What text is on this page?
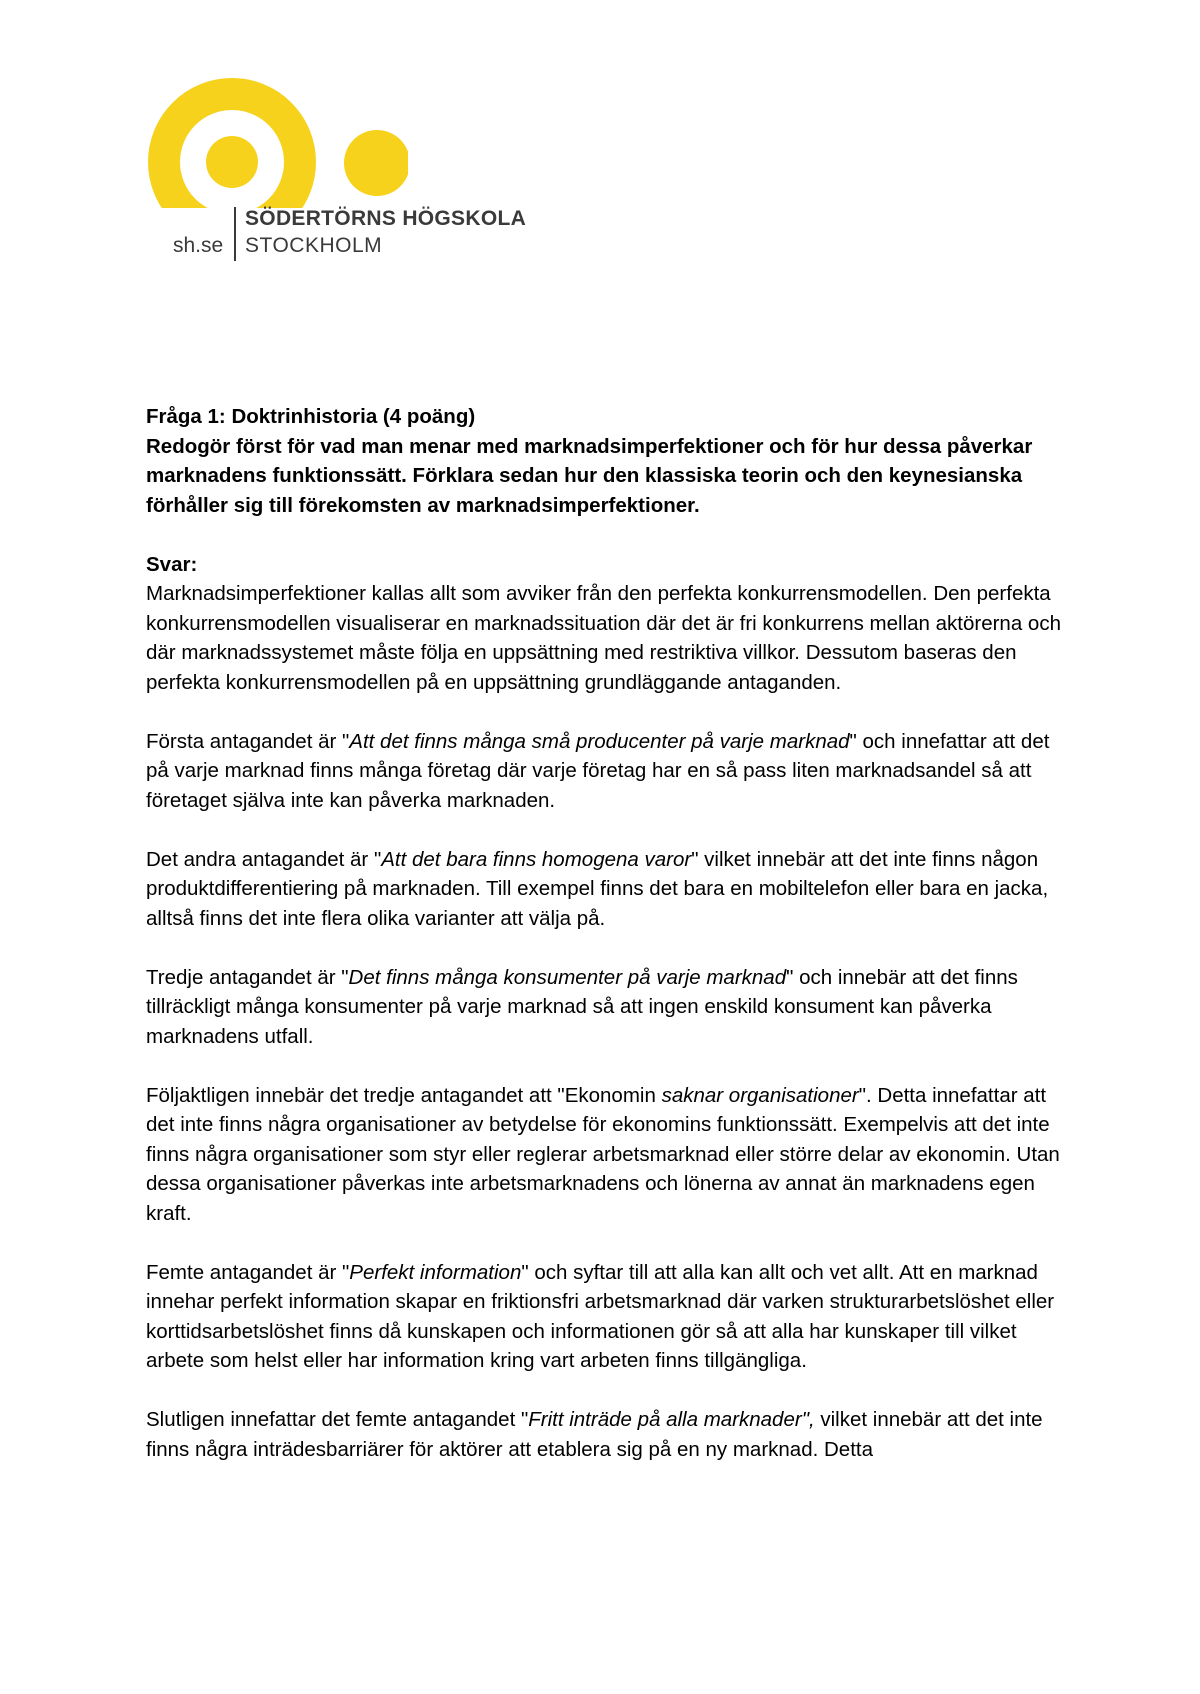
SÖDERTÖRNS HÖGSKOLA
sh.se STOCKHOLM
Fråga 1: Doktrinhistoria (4 poäng)

Redogör först för vad man menar med marknadsimperfektioner och för hur dessa påverkar marknadens funktionssätt. Förklara sedan hur den klassiska teorin och den keynesianska förhåller sig till förekomsten av marknadsimperfektioner.

Svar:

Marknadsimperfektioner kallas allt som avviker från den perfekta konkurrensmodellen. Den perfekta konkurrensmodellen visualiserar en marknadssituation där det är fri konkurrens mellan aktörerna och där marknadssystemet måste följa en uppsättning med restriktiva villkor. Dessutom baseras den perfekta konkurrensmodellen på en uppsättning grundläggande antaganden.

Första antagandet är "Att det finns många små producenter på varje marknad" och innefattar att det på varje marknad finns många företag där varje företag har en så pass liten marknadsandel så att företaget själva inte kan påverka marknaden.

Det andra antagandet är "Att det bara finns homogena varor" vilket innebär att det inte finns någon produktdifferentiering på marknaden. Till exempel finns det bara en mobiltelefon eller bara en jacka, alltså finns det inte flera olika varianter att välja på.

Tredje antagandet är "Det finns många konsumenter på varje marknad" och innebär att det finns tillräckligt många konsumenter på varje marknad så att ingen enskild konsument kan påverka marknadens utfall.

Följaktligen innebär det tredje antagandet att "Ekonomin saknar organisationer". Detta innefattar att det inte finns några organisationer av betydelse för ekonomins funktionssätt. Exempelvis att det inte finns några organisationer som styr eller reglerar arbetsmarknad eller större delar av ekonomin. Utan dessa organisationer påverkas inte arbetsmarknadens och lönerna av annat än marknadens egen kraft.

Femte antagandet är "Perfekt information" och syftar till att alla kan allt och vet allt. Att en marknad innehar perfekt information skapar en friktionsfri arbetsmarknad där varken strukturarbetslöshet eller korttidsarbetslöshet finns då kunskapen och informationen gör så att alla har kunskaper till vilket arbete som helst eller har information kring vart arbeten finns tillgängliga.

Slutligen innefattar det femte antagandet "Fritt inträde på alla marknader", vilket innebär att det inte finns några inträdesbarriärer för aktörer att etablera sig på en ny marknad. Detta
